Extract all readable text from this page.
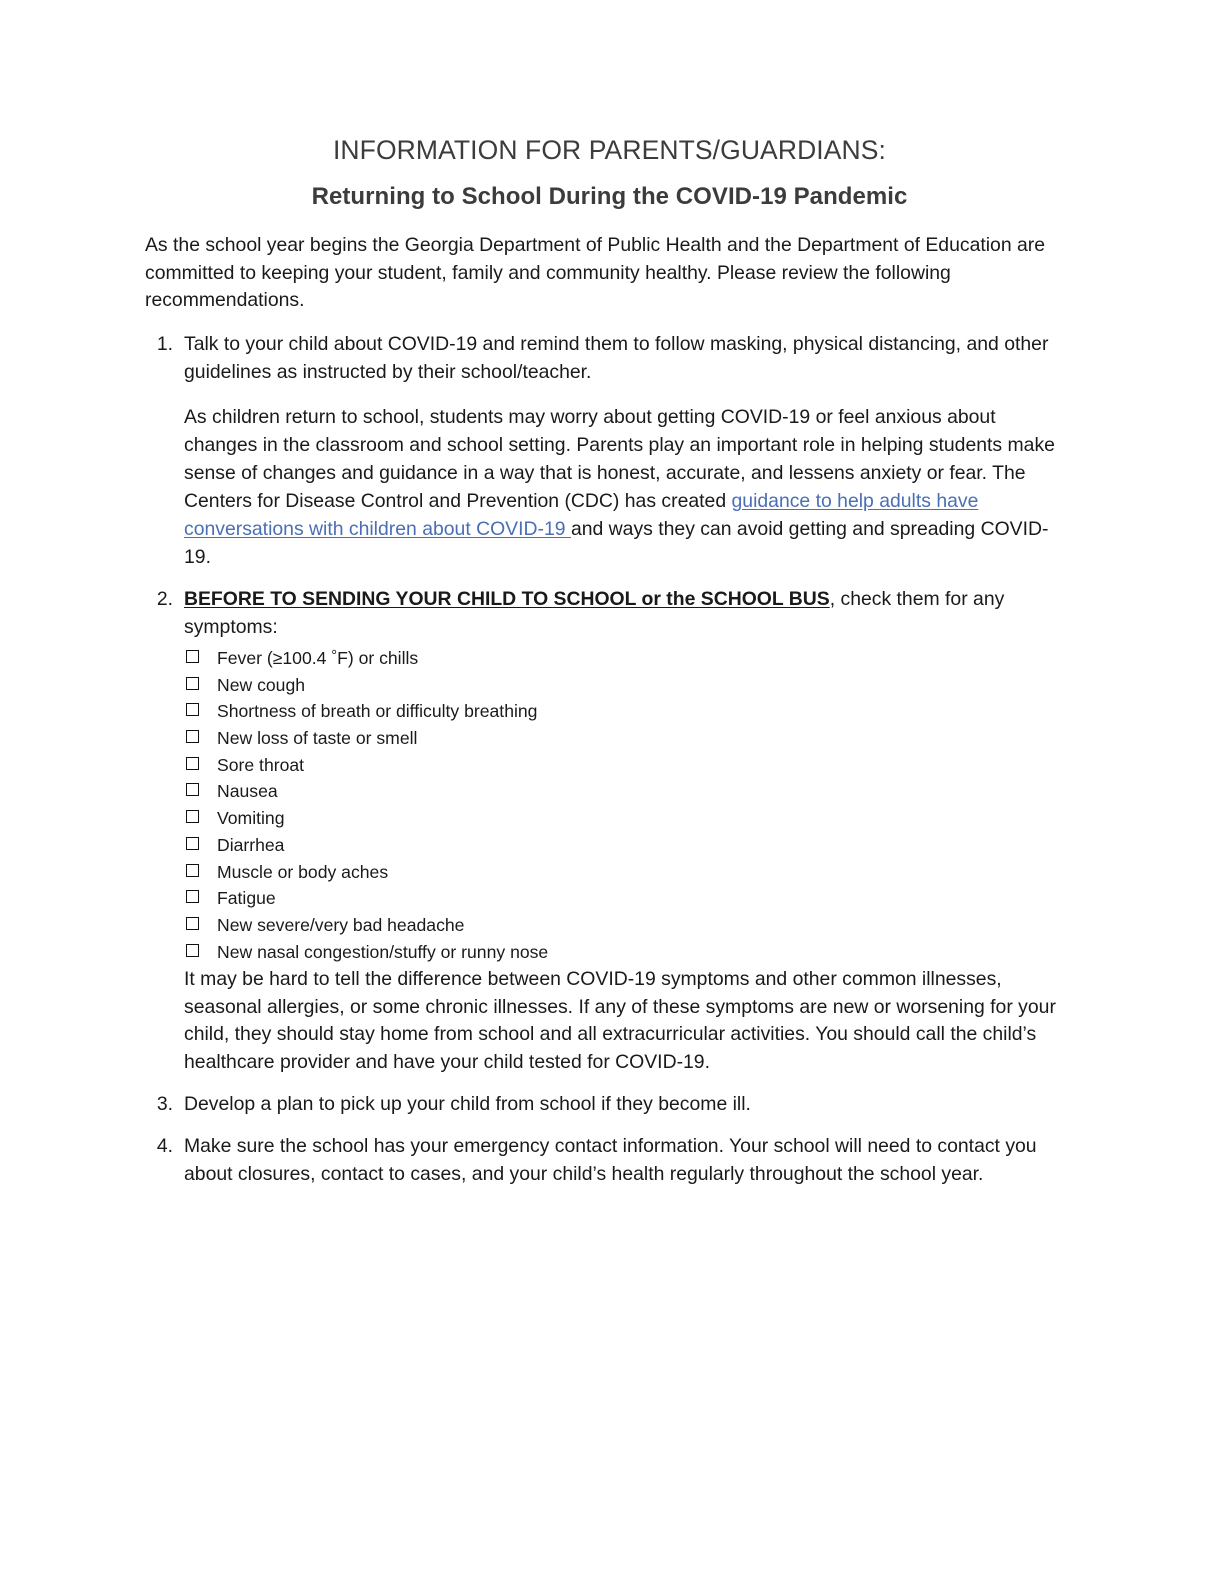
INFORMATION FOR PARENTS/GUARDIANS:
Returning to School During the COVID-19 Pandemic

As the school year begins the Georgia Department of Public Health and the Department of Education are committed to keeping your student, family and community healthy. Please review the following recommendations.

1. Talk to your child about COVID-19 and remind them to follow masking, physical distancing, and other guidelines as instructed by their school/teacher.

As children return to school, students may worry about getting COVID-19 or feel anxious about changes in the classroom and school setting. Parents play an important role in helping students make sense of changes and guidance in a way that is honest, accurate, and lessens anxiety or fear. The Centers for Disease Control and Prevention (CDC) has created guidance to help adults have conversations with children about COVID-19 and ways they can avoid getting and spreading COVID-19.

2. BEFORE TO SENDING YOUR CHILD TO SCHOOL or the SCHOOL BUS, check them for any symptoms:

Fever (≥100.4 °F) or chills
New cough
Shortness of breath or difficulty breathing
New loss of taste or smell
Sore throat
Nausea
Vomiting
Diarrhea
Muscle or body aches
Fatigue
New severe/very bad headache
New nasal congestion/stuffy or runny nose

It may be hard to tell the difference between COVID-19 symptoms and other common illnesses, seasonal allergies, or some chronic illnesses. If any of these symptoms are new or worsening for your child, they should stay home from school and all extracurricular activities. You should call the child’s healthcare provider and have your child tested for COVID-19.

3. Develop a plan to pick up your child from school if they become ill.

4. Make sure the school has your emergency contact information. Your school will need to contact you about closures, contact to cases, and your child’s health regularly throughout the school year.
